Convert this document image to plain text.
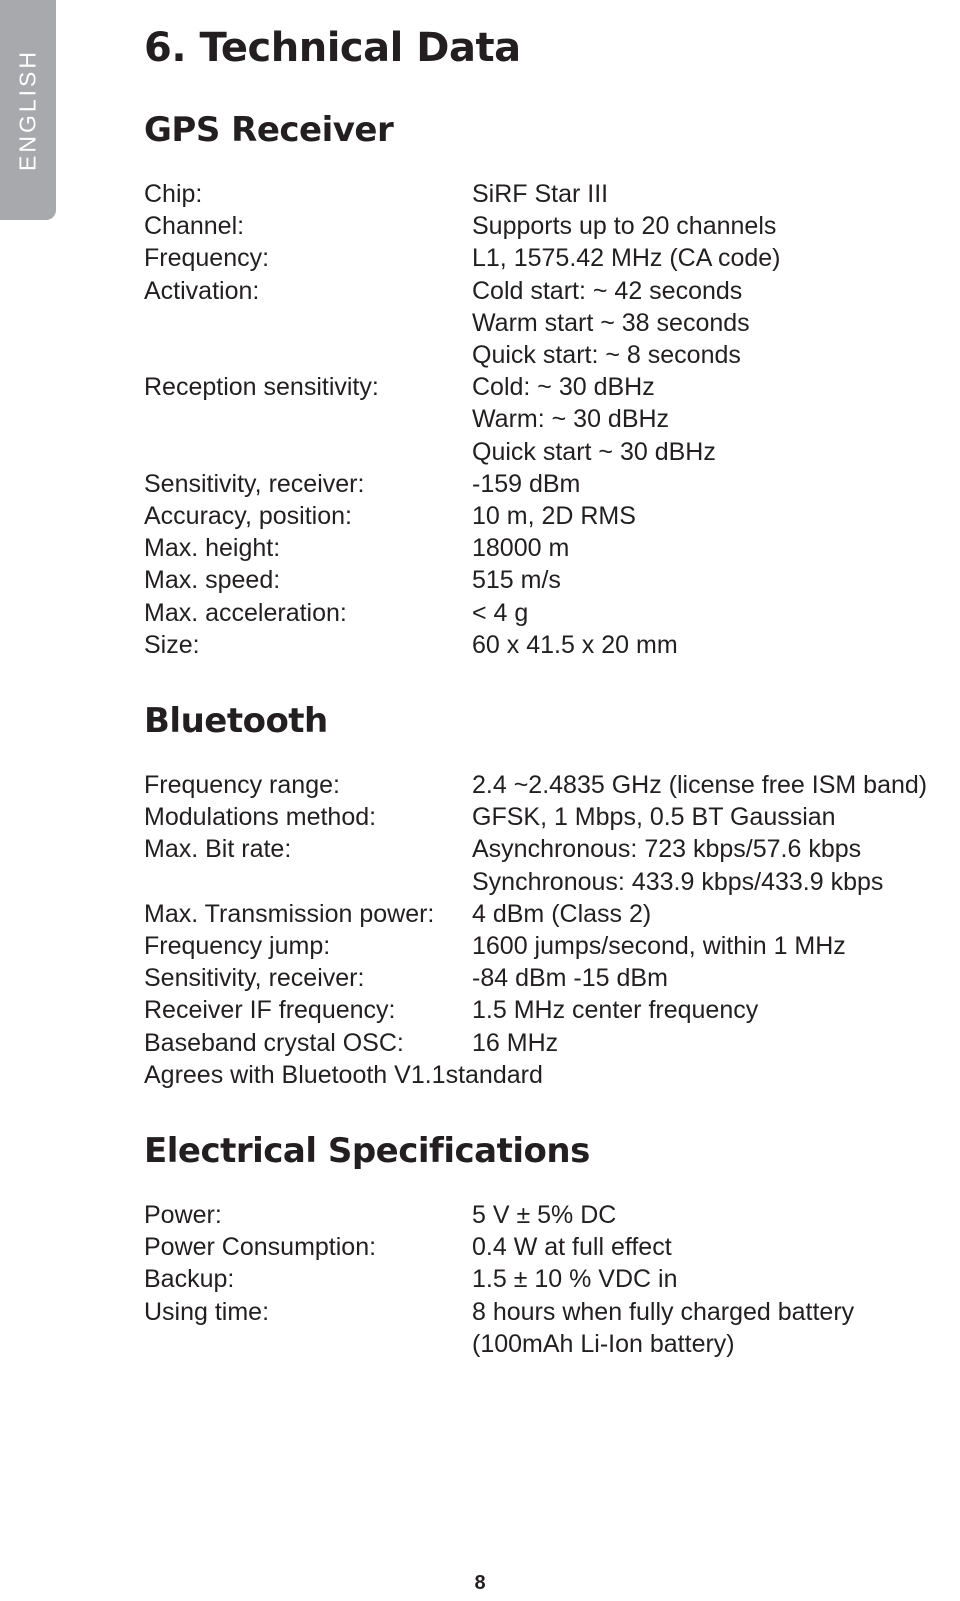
ENGLISH
6. Technical Data
GPS Receiver
Chip:	SiRF Star III
Channel:	Supports up to 20 channels
Frequency:	L1, 1575.42 MHz (CA code)
Activation:	Cold start: ~ 42 seconds
Warm start ~ 38 seconds
Quick start: ~ 8 seconds
Reception sensitivity:	Cold: ~ 30 dBHz
Warm: ~ 30 dBHz
Quick start ~ 30 dBHz
Sensitivity, receiver:	-159 dBm
Accuracy, position:	10 m, 2D RMS
Max. height:	18000 m
Max. speed:	515 m/s
Max. acceleration:	< 4 g
Size:	60 x 41.5 x 20 mm
Bluetooth
Frequency range:	2.4 ~2.4835 GHz (license free ISM band)
Modulations method:	GFSK, 1 Mbps, 0.5 BT Gaussian
Max. Bit rate:	Asynchronous: 723 kbps/57.6 kbps
Synchronous: 433.9 kbps/433.9 kbps
Max. Transmission power:	4 dBm (Class 2)
Frequency jump:	1600 jumps/second, within 1 MHz
Sensitivity, receiver:	-84 dBm -15 dBm
Receiver IF frequency:	1.5 MHz center frequency
Baseband crystal OSC:	16 MHz
Agrees with Bluetooth V1.1standard
Electrical Specifications
Power:	5 V ± 5% DC
Power Consumption:	0.4 W at full effect
Backup:	1.5 ± 10 % VDC in
Using time:	8 hours when fully charged battery
(100mAh Li-Ion battery)
8
